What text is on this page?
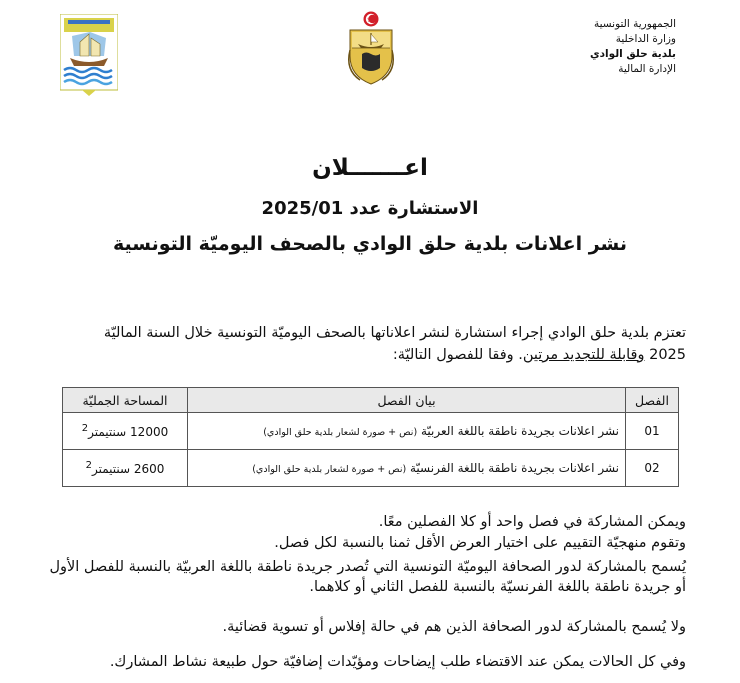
الجمهورية التونسية
وزارة الداخلية
بلدية حلق الوادي
الإدارة المالية
اعـــــــلان
الاستشارة عدد 2025/01
نشر اعلانات بلدية حلق الوادي بالصحف اليوميّة التونسية
تعتزم بلدية حلق الوادي إجراء استشارة لنشر اعلاناتها بالصحف اليوميّة التونسية خلال السنة الماليّة
2025 وقابلة للتجديد مرتين. وفقا للفصول التاليّة:
الفصل	بيان الفصل	المساحة الجمليّة
01	نشر اعلانات بجريدة ناطقة باللغة العربيّة (نص + صورة لشعار بلدية حلق الوادي)	12000 سنتيمتر$^2$
02	نشر اعلانات بجريدة ناطقة باللغة الفرنسيّة (نص + صورة لشعار بلدية حلق الوادي)	2600 سنتيمتر$^2$
ويمكن المشاركة في فصل واحد أو كلا الفصلين معًا.
وتقوم منهجيّة التقييم على اختيار العرض الأقل ثمنا بالنسبة لكل فصل.
يُسمح بالمشاركة لدور الصحافة اليوميّة التونسية التي تُصدر جريدة ناطقة باللغة العربيّة بالنسبة للفصل الأول أو جريدة ناطقة باللغة الفرنسيّة بالنسبة للفصل الثاني أو كلاهما.
ولا يُسمح بالمشاركة لدور الصحافة الذين هم في حالة إفلاس أو تسوية قضائية.
وفي كل الحالات يمكن عند الاقتضاء طلب إيضاحات ومؤيّدات إضافيّة حول طبيعة نشاط المشارك.
